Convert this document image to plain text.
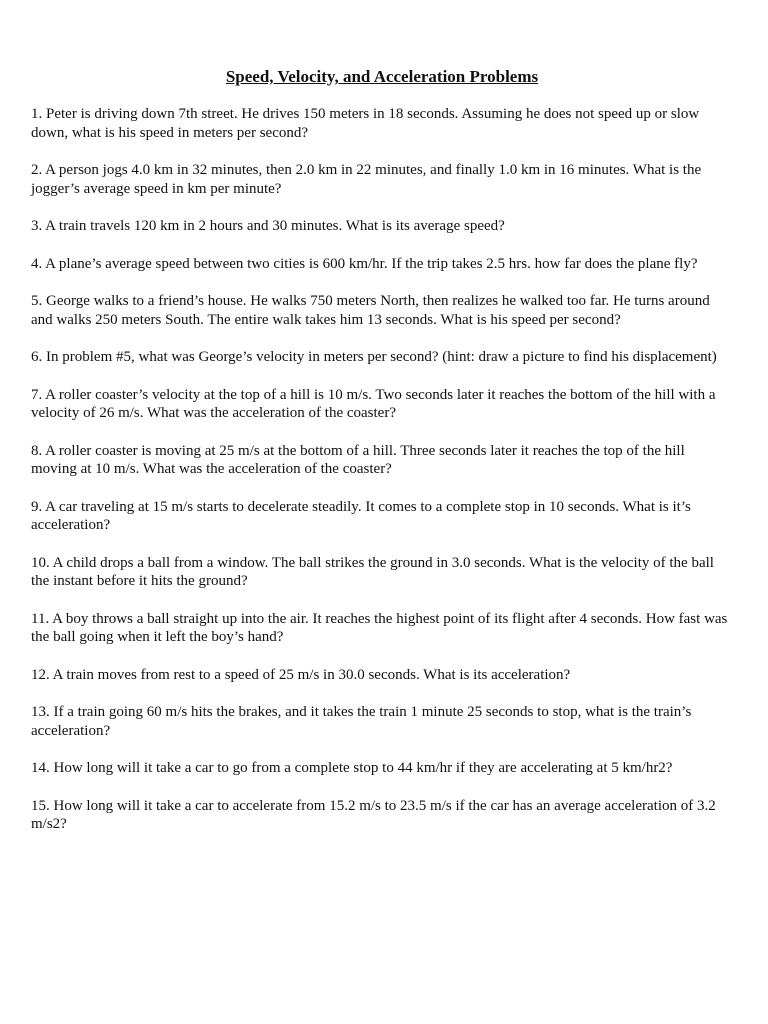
Speed, Velocity, and Acceleration Problems
1. Peter is driving down 7th street. He drives 150 meters in 18 seconds. Assuming he does not speed up or slow down, what is his speed in meters per second?
2. A person jogs 4.0 km in 32 minutes, then 2.0 km in 22 minutes, and finally 1.0 km in 16 minutes. What is the jogger’s average speed in km per minute?
3. A train travels 120 km in 2 hours and 30 minutes. What is its average speed?
4. A plane’s average speed between two cities is 600 km/hr. If the trip takes 2.5 hrs. how far does the plane fly?
5. George walks to a friend’s house. He walks 750 meters North, then realizes he walked too far. He turns around and walks 250 meters South. The entire walk takes him 13 seconds. What is his speed per second?
6. In problem #5, what was George’s velocity in meters per second? (hint: draw a picture to find his displacement)
7. A roller coaster’s velocity at the top of a hill is 10 m/s. Two seconds later it reaches the bottom of the hill with a velocity of 26 m/s. What was the acceleration of the coaster?
8. A roller coaster is moving at 25 m/s at the bottom of a hill. Three seconds later it reaches the top of the hill moving at 10 m/s. What was the acceleration of the coaster?
9. A car traveling at 15 m/s starts to decelerate steadily. It comes to a complete stop in 10 seconds. What is it’s acceleration?
10. A child drops a ball from a window. The ball strikes the ground in 3.0 seconds. What is the velocity of the ball the instant before it hits the ground?
11. A boy throws a ball straight up into the air. It reaches the highest point of its flight after 4 seconds. How fast was the ball going when it left the boy’s hand?
12. A train moves from rest to a speed of 25 m/s in 30.0 seconds. What is its acceleration?
13. If a train going 60 m/s hits the brakes, and it takes the train 1 minute 25 seconds to stop, what is the train’s acceleration?
14. How long will it take a car to go from a complete stop to 44 km/hr if they are accelerating at 5 km/hr2?
15. How long will it take a car to accelerate from 15.2 m/s to 23.5 m/s if the car has an average acceleration of 3.2 m/s2?
